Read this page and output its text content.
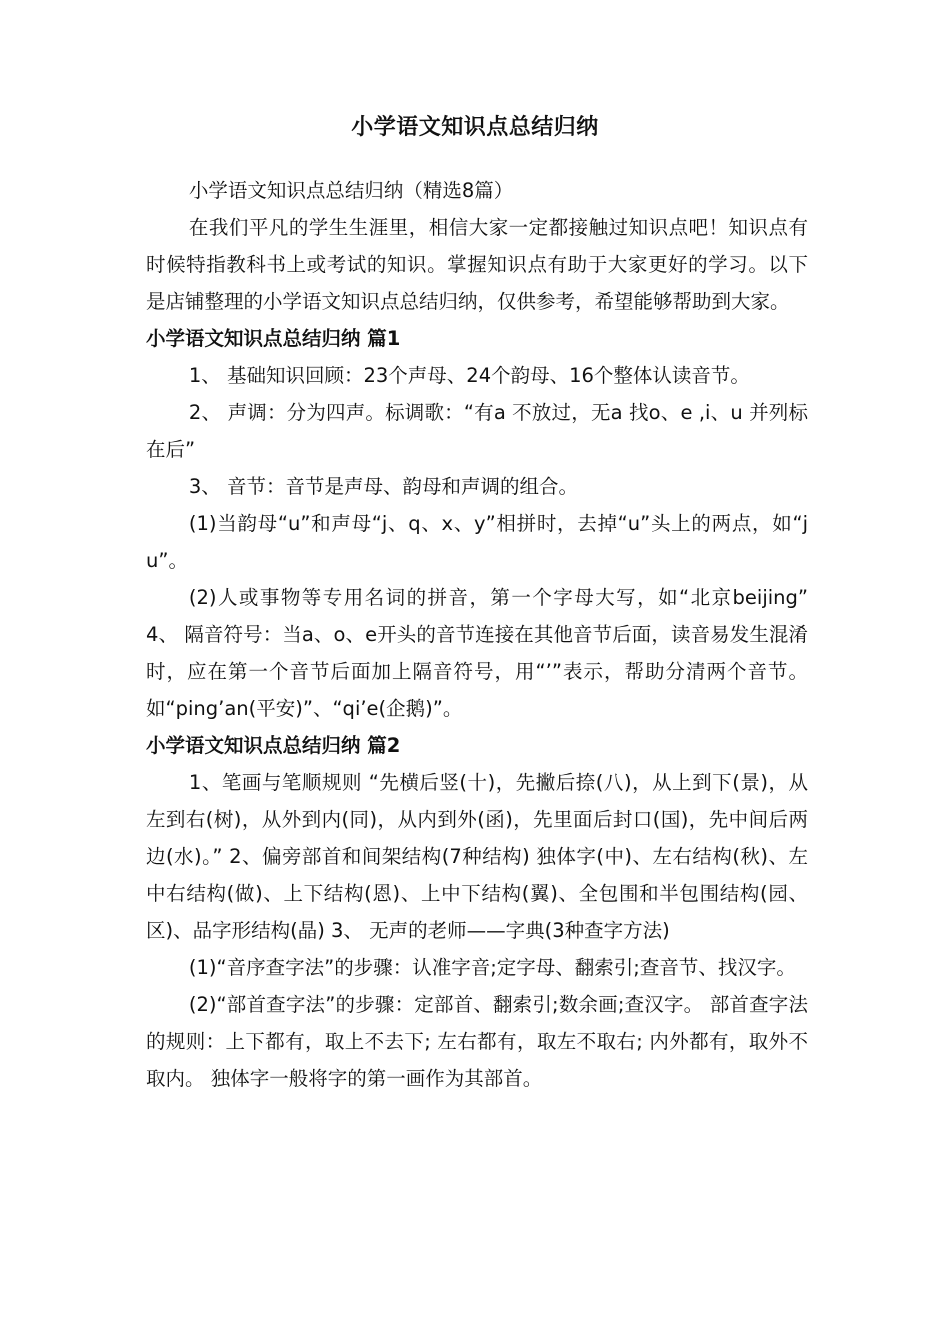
小学语文知识点总结归纳

小学语文知识点总结归纳（精选8篇）

在我们平凡的学生生涯里，相信大家一定都接触过知识点吧！知识点有时候特指教科书上或考试的知识。掌握知识点有助于大家更好的学习。以下是店铺整理的小学语文知识点总结归纳，仅供参考，希望能够帮助到大家。

小学语文知识点总结归纳 篇1

1、 基础知识回顾：23个声母、24个韵母、16个整体认读音节。

2、 声调：分为四声。标调歌：“有a 不放过，无a 找o、e ,i、u 并列标在后”

3、 音节：音节是声母、韵母和声调的组合。

(1)当韵母“u”和声母“j、q、x、y”相拼时，去掉“u”头上的两点，如“ju”。

(2)人或事物等专用名词的拼音，第一个字母大写，如“北京beijing” 4、 隔音符号：当a、o、e开头的音节连接在其他音节后面，读音易发生混淆时，应在第一个音节后面加上隔音符号，用“’”表示，帮助分清两个音节。 如“ping’an(平安)”、“qi’e(企鹅)”。

小学语文知识点总结归纳 篇2

1、笔画与笔顺规则 “先横后竖(十)，先撇后捺(八)，从上到下(景)，从左到右(树)，从外到内(同)，从内到外(函)，先里面后封口(国)，先中间后两边(水)。” 2、偏旁部首和间架结构(7种结构) 独体字(中)、左右结构(秋)、左中右结构(做)、上下结构(恩)、上中下结构(翼)、全包围和半包围结构(园、区)、品字形结构(晶) 3、 无声的老师——字典(3种查字方法)

(1)“音序查字法”的步骤：认准字音;定字母、翻索引;查音节、找汉字。

(2)“部首查字法”的步骤：定部首、翻索引;数余画;查汉字。 部首查字法的规则：上下都有，取上不去下; 左右都有，取左不取右; 内外都有，取外不取内。 独体字一般将字的第一画作为其部首。
